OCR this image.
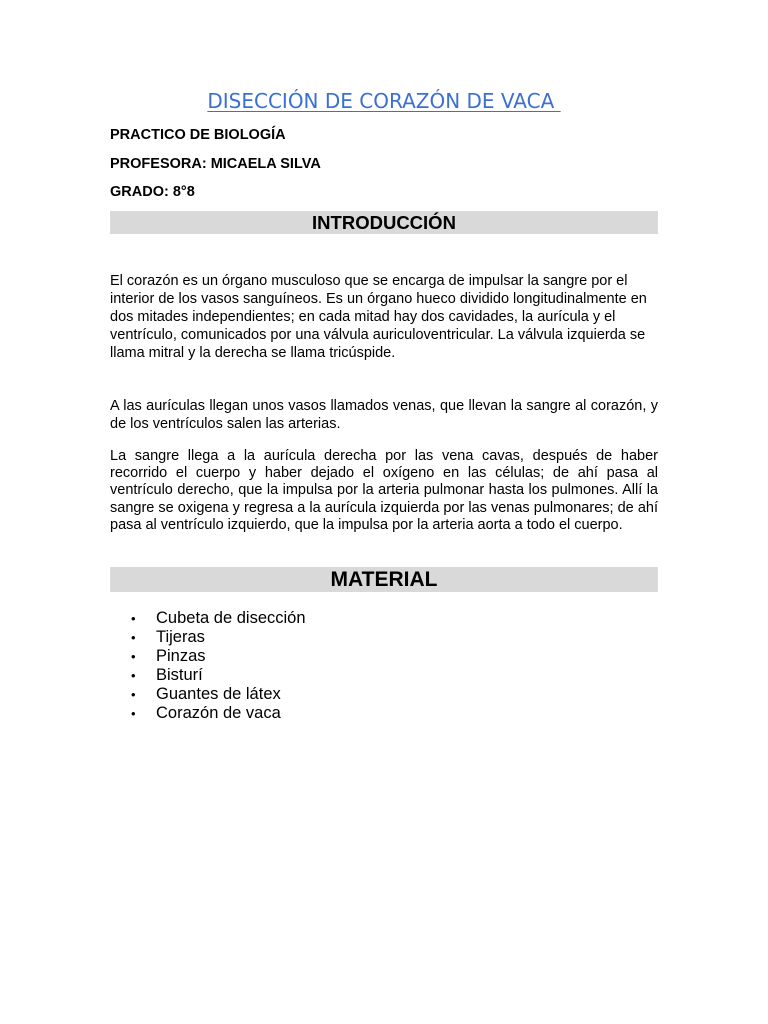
DISECCIÓN DE CORAZÓN DE VACA
PRACTICO DE BIOLOGÍA
PROFESORA: MICAELA SILVA
GRADO: 8°8
INTRODUCCIÓN

El corazón es un órgano musculoso que se encarga de impulsar la sangre por el interior de los vasos sanguíneos. Es un órgano hueco dividido longitudinalmente en dos mitades independientes; en cada mitad hay dos cavidades, la aurícula y el ventrículo, comunicados por una válvula auriculoventricular. La válvula izquierda se llama mitral y la derecha se llama tricúspide.

A las aurículas llegan unos vasos llamados venas, que llevan la sangre al corazón, y de los ventrículos salen las arterias.

La sangre llega a la aurícula derecha por las vena cavas, después de haber recorrido el cuerpo y haber dejado el oxígeno en las células; de ahí pasa al ventrículo derecho, que la impulsa por la arteria pulmonar hasta los pulmones. Allí la sangre se oxigena y regresa a la aurícula izquierda por las venas pulmonares; de ahí pasa al ventrículo izquierdo, que la impulsa por la arteria aorta a todo el cuerpo.

MATERIAL
• Cubeta de disección
• Tijeras
• Pinzas
• Bisturí
• Guantes de látex
• Corazón de vaca
